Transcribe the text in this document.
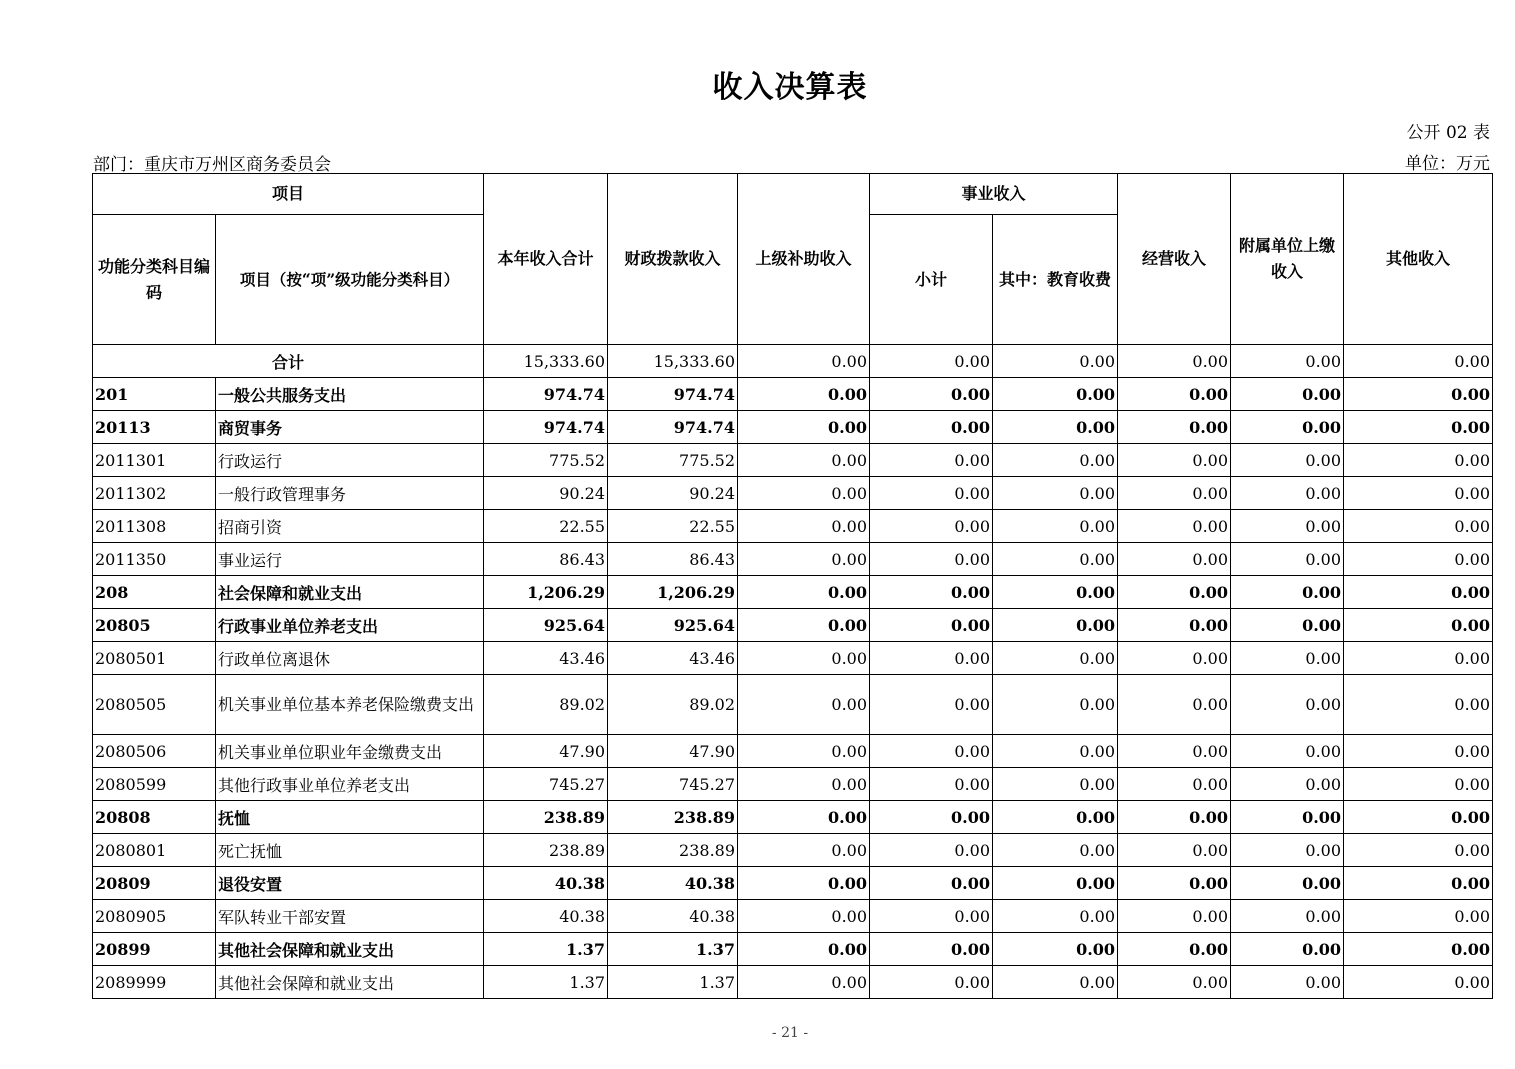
收入决算表
公开 02 表
部门：重庆市万州区商务委员会	单位：万元
项目		本年收入合计	财政拨款收入	上级补助收入	事业收入		经营收入	附属单位上缴收入	其他收入
功能分类科目编码	项目（按“项”级功能分类科目）				小计	其中：教育收费			
合计		15,333.60	15,333.60	0.00	0.00	0.00	0.00	0.00	0.00
201	一般公共服务支出	974.74	974.74	0.00	0.00	0.00	0.00	0.00	0.00
20113	商贸事务	974.74	974.74	0.00	0.00	0.00	0.00	0.00	0.00
2011301	行政运行	775.52	775.52	0.00	0.00	0.00	0.00	0.00	0.00
2011302	一般行政管理事务	90.24	90.24	0.00	0.00	0.00	0.00	0.00	0.00
2011308	招商引资	22.55	22.55	0.00	0.00	0.00	0.00	0.00	0.00
2011350	事业运行	86.43	86.43	0.00	0.00	0.00	0.00	0.00	0.00
208	社会保障和就业支出	1,206.29	1,206.29	0.00	0.00	0.00	0.00	0.00	0.00
20805	行政事业单位养老支出	925.64	925.64	0.00	0.00	0.00	0.00	0.00	0.00
2080501	行政单位离退休	43.46	43.46	0.00	0.00	0.00	0.00	0.00	0.00
2080505	机关事业单位基本养老保险缴费支出	89.02	89.02	0.00	0.00	0.00	0.00	0.00	0.00
2080506	机关事业单位职业年金缴费支出	47.90	47.90	0.00	0.00	0.00	0.00	0.00	0.00
2080599	其他行政事业单位养老支出	745.27	745.27	0.00	0.00	0.00	0.00	0.00	0.00
20808	抚恤	238.89	238.89	0.00	0.00	0.00	0.00	0.00	0.00
2080801	死亡抚恤	238.89	238.89	0.00	0.00	0.00	0.00	0.00	0.00
20809	退役安置	40.38	40.38	0.00	0.00	0.00	0.00	0.00	0.00
2080905	军队转业干部安置	40.38	40.38	0.00	0.00	0.00	0.00	0.00	0.00
20899	其他社会保障和就业支出	1.37	1.37	0.00	0.00	0.00	0.00	0.00	0.00
2089999	其他社会保障和就业支出	1.37	1.37	0.00	0.00	0.00	0.00	0.00	0.00
- 21 -
